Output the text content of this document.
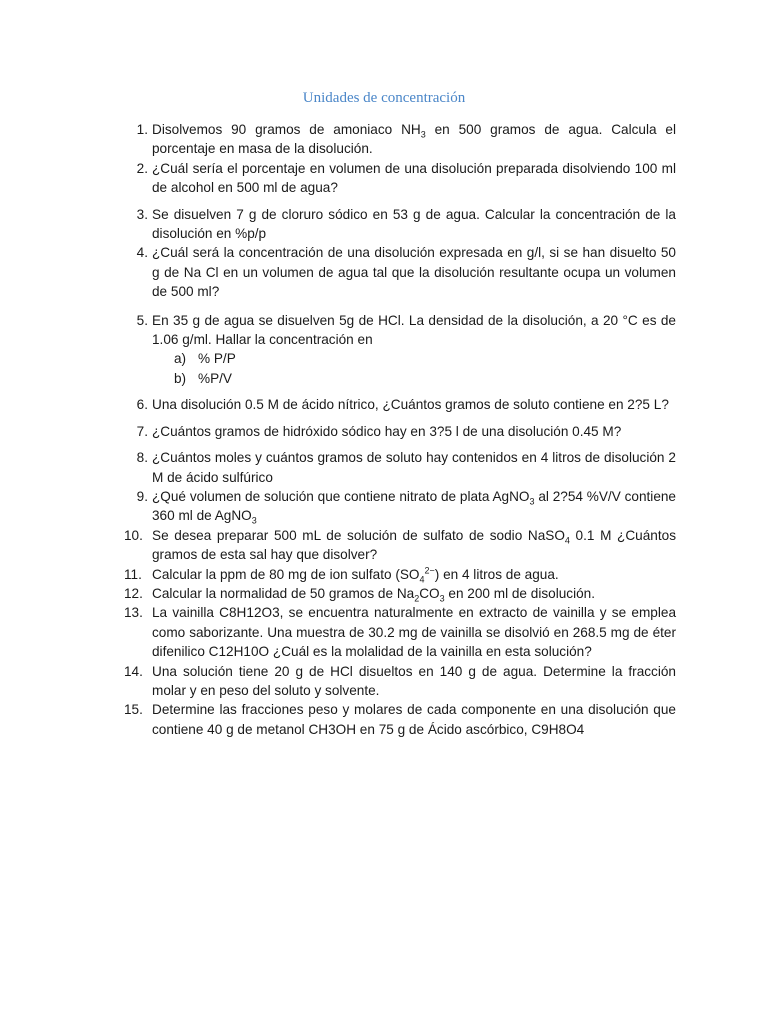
Unidades de concentración
1. Disolvemos 90 gramos de amoniaco $NH_3$ en 500 gramos de agua. Calcula el porcentaje en masa de la disolución.
2. ¿Cuál sería el porcentaje en volumen de una disolución preparada disolviendo 100 ml de alcohol en 500 ml de agua?
3. Se disuelven 7 g de cloruro sódico en 53 g de agua. Calcular la concentración de la disolución en %p/p
4. ¿Cuál será la concentración de una disolución expresada en g/l, si se han disuelto 50 g de Na Cl en un volumen de agua tal que la disolución resultante ocupa un volumen de 500 ml?
5. En 35 g de agua se disuelven 5g de HCl. La densidad de la disolución, a 20 °C es de 1.06 g/ml. Hallar la concentración en
a) % P/P
b) %P/V
6. Una disolución 0.5 M de ácido nítrico, ¿Cuántos gramos de soluto contiene en 2?5 L?
7. ¿Cuántos gramos de hidróxido sódico hay en 3?5 l de una disolución 0.45 M?
8. ¿Cuántos moles y cuántos gramos de soluto hay contenidos en 4 litros de disolución 2 M de ácido sulfúrico
9. ¿Qué volumen de solución que contiene nitrato de plata AgNO$_3$ al 2?54 %V/V contiene 360 ml de AgNO$_3$
10. Se desea preparar 500 mL de solución de sulfato de sodio NaSO$_4$ 0.1 M ¿Cuántos gramos de esta sal hay que disolver?
11. Calcular la ppm de 80 mg de ion sulfato $(SO_4^{2-})$ en 4 litros de agua.
12. Calcular la normalidad de 50 gramos de $Na_2CO_3$ en 200 ml de disolución.
13. La vainilla C8H12O3, se encuentra naturalmente en extracto de vainilla y se emplea como saborizante. Una muestra de 30.2 mg de vainilla se disolvió en 268.5 mg de éter difenilico C12H10O ¿Cuál es la molalidad de la vainilla en esta solución?
14. Una solución tiene 20 g de HCl disueltos en 140 g de agua. Determine la fracción molar y en peso del soluto y solvente.
15. Determine las fracciones peso y molares de cada componente en una disolución que contiene 40 g de metanol CH3OH en 75 g de Ácido ascórbico, C9H8O4
